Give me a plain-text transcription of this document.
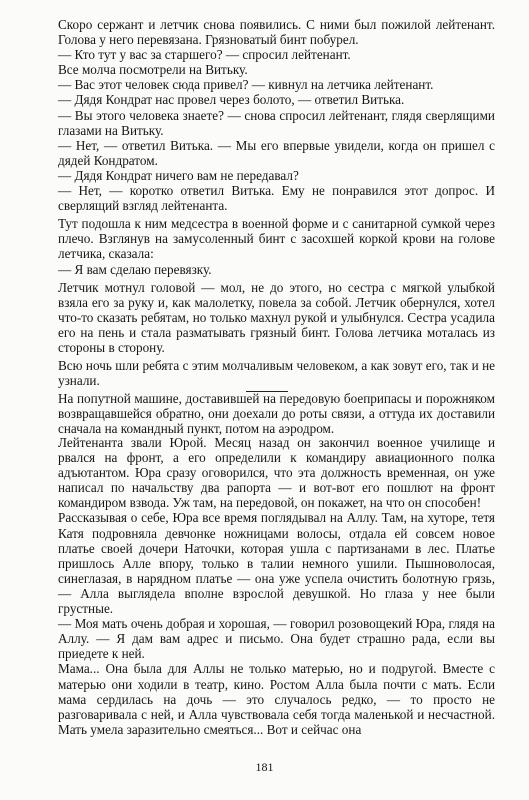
Скоро сержант и летчик снова появились. С ними был пожилой лейтенант. Голова у него перевязана. Грязноватый бинт побурел.

— Кто тут у вас за старшего? — спросил лейтенант.

Все молча посмотрели на Витьку.

— Вас этот человек сюда привел? — кивнул на летчика лейтенант.

— Дядя Кондрат нас провел через болото, — ответил Витька.

— Вы этого человека знаете? — снова спросил лейтенант, глядя сверлящими глазами на Витьку.

— Нет, — ответил Витька. — Мы его впервые увидели, когда он пришел с дядей Кондратом.

— Дядя Кондрат ничего вам не передавал?

— Нет, — коротко ответил Витька. Ему не понравился этот допрос. И сверлящий взгляд лейтенанта.

Тут подошла к ним медсестра в военной форме и с санитарной сумкой через плечо. Взглянув на замусоленный бинт с засохшей коркой крови на голове летчика, сказала:

— Я вам сделаю перевязку.

Летчик мотнул головой — мол, не до этого, но сестра с мягкой улыбкой взяла его за руку и, как малолетку, повела за собой. Летчик обернулся, хотел что-то сказать ребятам, но только махнул рукой и улыбнулся. Сестра усадила его на пень и стала разматывать грязный бинт. Голова летчика моталась из стороны в сторону.

Всю ночь шли ребята с этим молчаливым человеком, а как зовут его, так и не узнали.

На попутной машине, доставившей на передовую боеприпасы и порожняком возвращавшейся обратно, они доехали до роты связи, а оттуда их доставили сначала на командный пункт, потом на аэродром.

Лейтенанта звали Юрой. Месяц назад он закончил военное училище и рвался на фронт, а его определили к командиру авиационного полка адъютантом. Юра сразу оговорился, что эта должность временная, он уже написал по начальству два рапорта — и вот-вот его пошлют на фронт командиром взвода. Уж там, на передовой, он покажет, на что он способен!

Рассказывая о себе, Юра все время поглядывал на Аллу. Там, на хуторе, тетя Катя подровняла девчонке ножницами волосы, отдала ей совсем новое платье своей дочери Наточки, которая ушла с партизанами в лес. Платье пришлось Алле впору, только в талии немного ушили. Пышноволосая, синеглазая, в нарядном платье — она уже успела очистить болотную грязь, — Алла выглядела вполне взрослой девушкой. Но глаза у нее были грустные.

— Моя мать очень добрая и хорошая, — говорил розовощекий Юра, глядя на Аллу. — Я дам вам адрес и письмо. Она будет страшно рада, если вы приедете к ней.

Мама... Она была для Аллы не только матерью, но и подругой. Вместе с матерью они ходили в театр, кино. Ростом Алла была почти с мать. Если мама сердилась на дочь — это случалось редко, — то просто не разговаривала с ней, и Алла чувствовала себя тогда маленькой и несчастной. Мать умела заразительно смеяться... Вот и сейчас она

181
